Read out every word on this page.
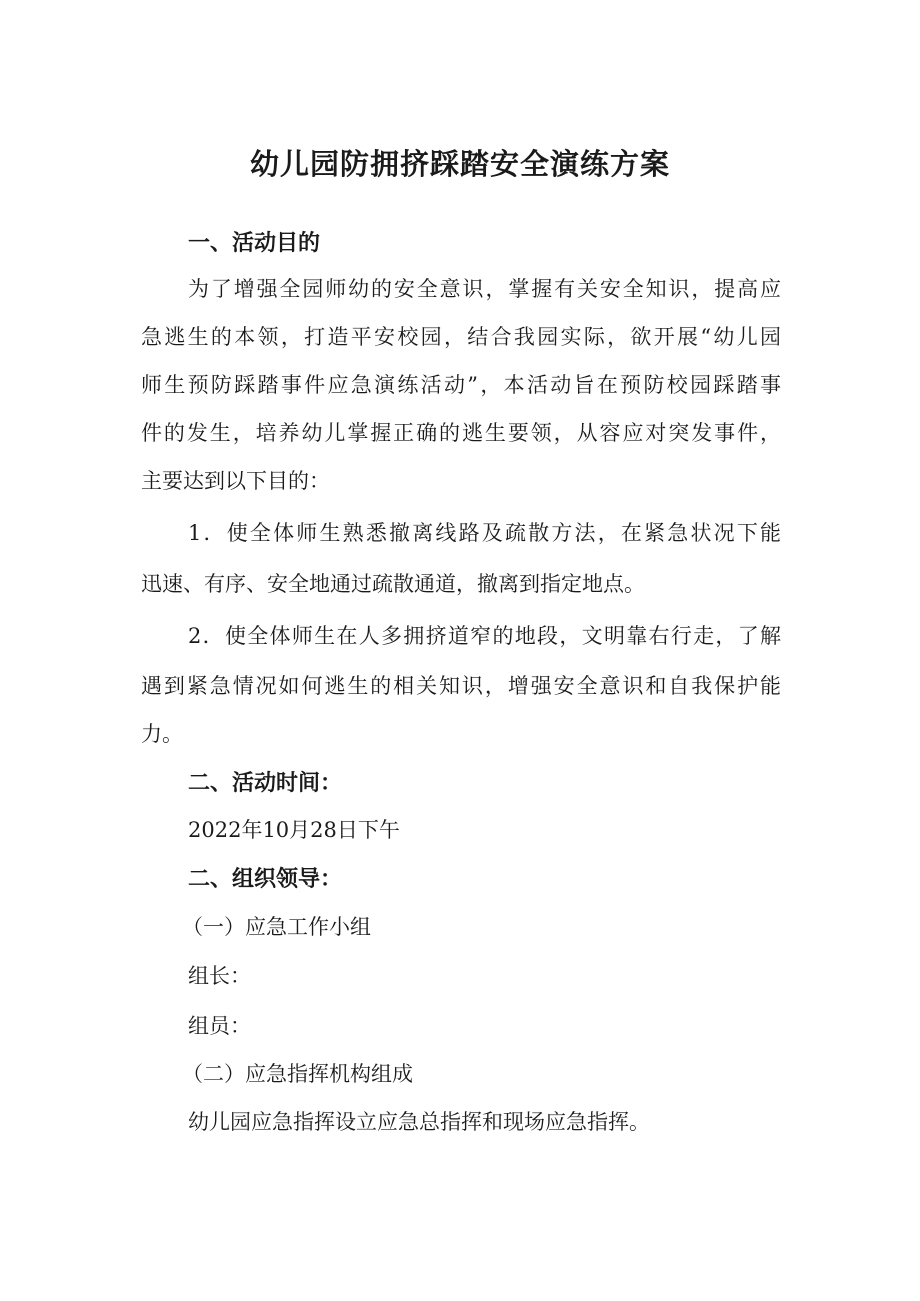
幼儿园防拥挤踩踏安全演练方案
一、活动目的

为了增强全园师幼的安全意识，掌握有关安全知识，提高应

急逃生的本领，打造平安校园，结合我园实际，欲开展“幼儿园

师生预防踩踏事件应急演练活动”，本活动旨在预防校园踩踏事

件的发生，培养幼儿掌握正确的逃生要领，从容应对突发事件，

主要达到以下目的：

1．使全体师生熟悉撤离线路及疏散方法，在紧急状况下能

迅速、有序、安全地通过疏散通道，撤离到指定地点。

2．使全体师生在人多拥挤道窄的地段，文明靠右行走，了解

遇到紧急情况如何逃生的相关知识，增强安全意识和自我保护能

力。

二、活动时间：

2022年10月28日下午

二、组织领导：

（一）应急工作小组

组长：

组员：

（二）应急指挥机构组成

幼儿园应急指挥设立应急总指挥和现场应急指挥。
